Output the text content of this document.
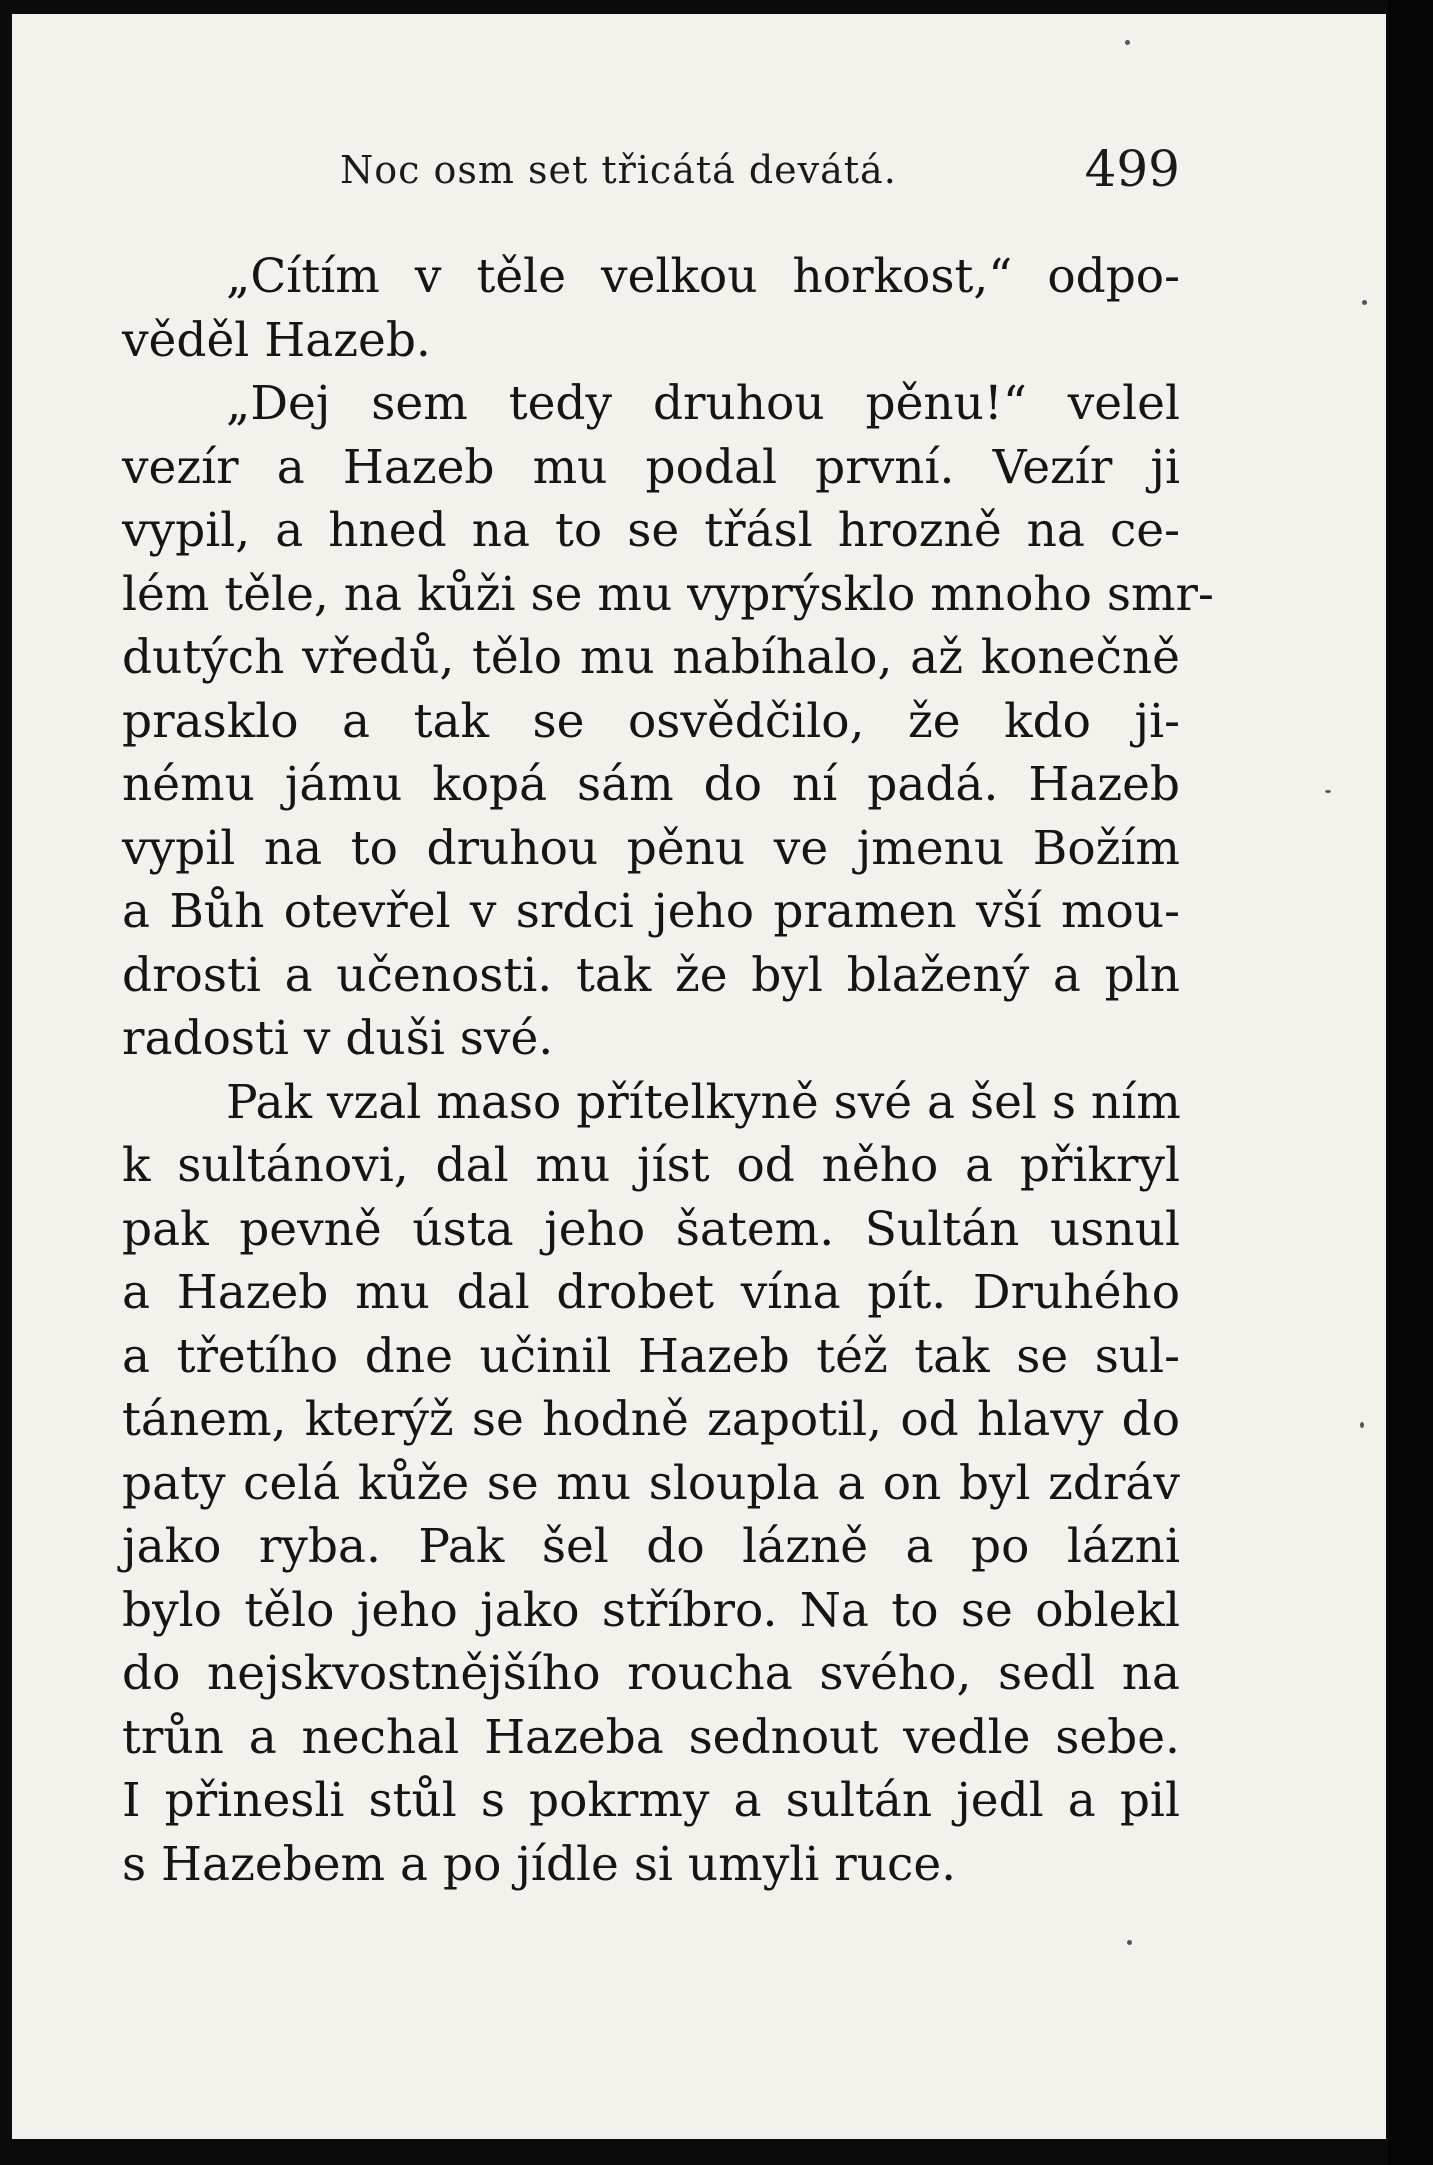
Noc osm set třicátá devátá.	499
„Cítím v těle velkou horkost,“ odpo-
věděl Hazeb.
„Dej sem tedy druhou pěnu!“ velel
vezír a Hazeb mu podal první. Vezír ji
vypil, a hned na to se třásl hrozně na ce-
lém těle, na kůži se mu vyprýsklo mnoho smr-
dutých vředů, tělo mu nabíhalo, až konečně
prasklo a tak se osvědčilo, že kdo ji-
nému jámu kopá sám do ní padá. Hazeb
vypil na to druhou pěnu ve jmenu Božím
a Bůh otevřel v srdci jeho pramen vší mou-
drosti a učenosti. tak že byl blažený a pln
radosti v duši své.
Pak vzal maso přítelkyně své a šel s ním
k sultánovi, dal mu jíst od něho a přikryl
pak pevně ústa jeho šatem. Sultán usnul
a Hazeb mu dal drobet vína pít. Druhého
a třetího dne učinil Hazeb též tak se sul-
tánem, kterýž se hodně zapotil, od hlavy do
paty celá kůže se mu sloupla a on byl zdráv
jako ryba. Pak šel do lázně a po lázni
bylo tělo jeho jako stříbro. Na to se oblekl
do nejskvostnějšího roucha svého, sedl na
trůn a nechal Hazeba sednout vedle sebe.
I přinesli stůl s pokrmy a sultán jedl a pil
s Hazebem a po jídle si umyli ruce.
